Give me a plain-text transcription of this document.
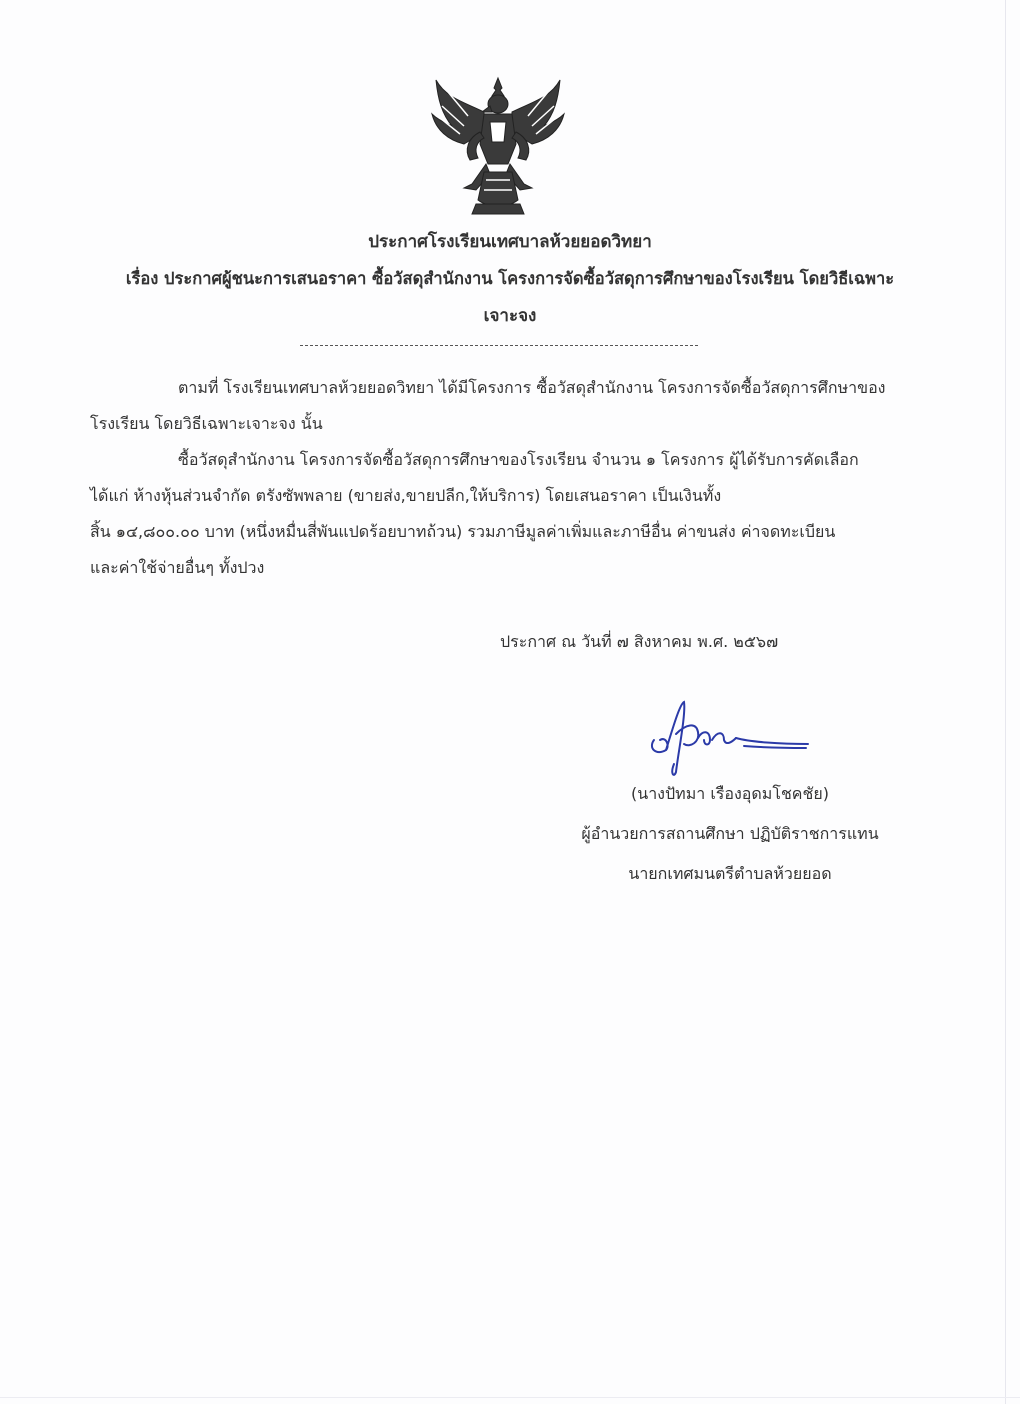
ประกาศโรงเรียนเทศบาลห้วยยอดวิทยา
เรื่อง ประกาศผู้ชนะการเสนอราคา ซื้อวัสดุสำนักงาน โครงการจัดซื้อวัสดุการศึกษาของโรงเรียน โดยวิธีเฉพาะ
เจาะจง
ตามที่ โรงเรียนเทศบาลห้วยยอดวิทยา ได้มีโครงการ ซื้อวัสดุสำนักงาน โครงการจัดซื้อวัสดุการศึกษาของ
โรงเรียน โดยวิธีเฉพาะเจาะจง นั้น
ซื้อวัสดุสำนักงาน โครงการจัดซื้อวัสดุการศึกษาของโรงเรียน จำนวน ๑ โครงการ ผู้ได้รับการคัดเลือก
ได้แก่ ห้างหุ้นส่วนจำกัด ตรังซัพพลาย (ขายส่ง,ขายปลีก,ให้บริการ) โดยเสนอราคา เป็นเงินทั้ง
สิ้น ๑๔,๘๐๐.๐๐ บาท (หนึ่งหมื่นสี่พันแปดร้อยบาทถ้วน) รวมภาษีมูลค่าเพิ่มและภาษีอื่น ค่าขนส่ง ค่าจดทะเบียน
และค่าใช้จ่ายอื่นๆ ทั้งปวง
ประกาศ ณ วันที่ ๗ สิงหาคม พ.ศ. ๒๕๖๗
(นางปัทมา เรืองอุดมโชคชัย)
ผู้อำนวยการสถานศึกษา ปฏิบัติราชการแทน
นายกเทศมนตรีตำบลห้วยยอด
